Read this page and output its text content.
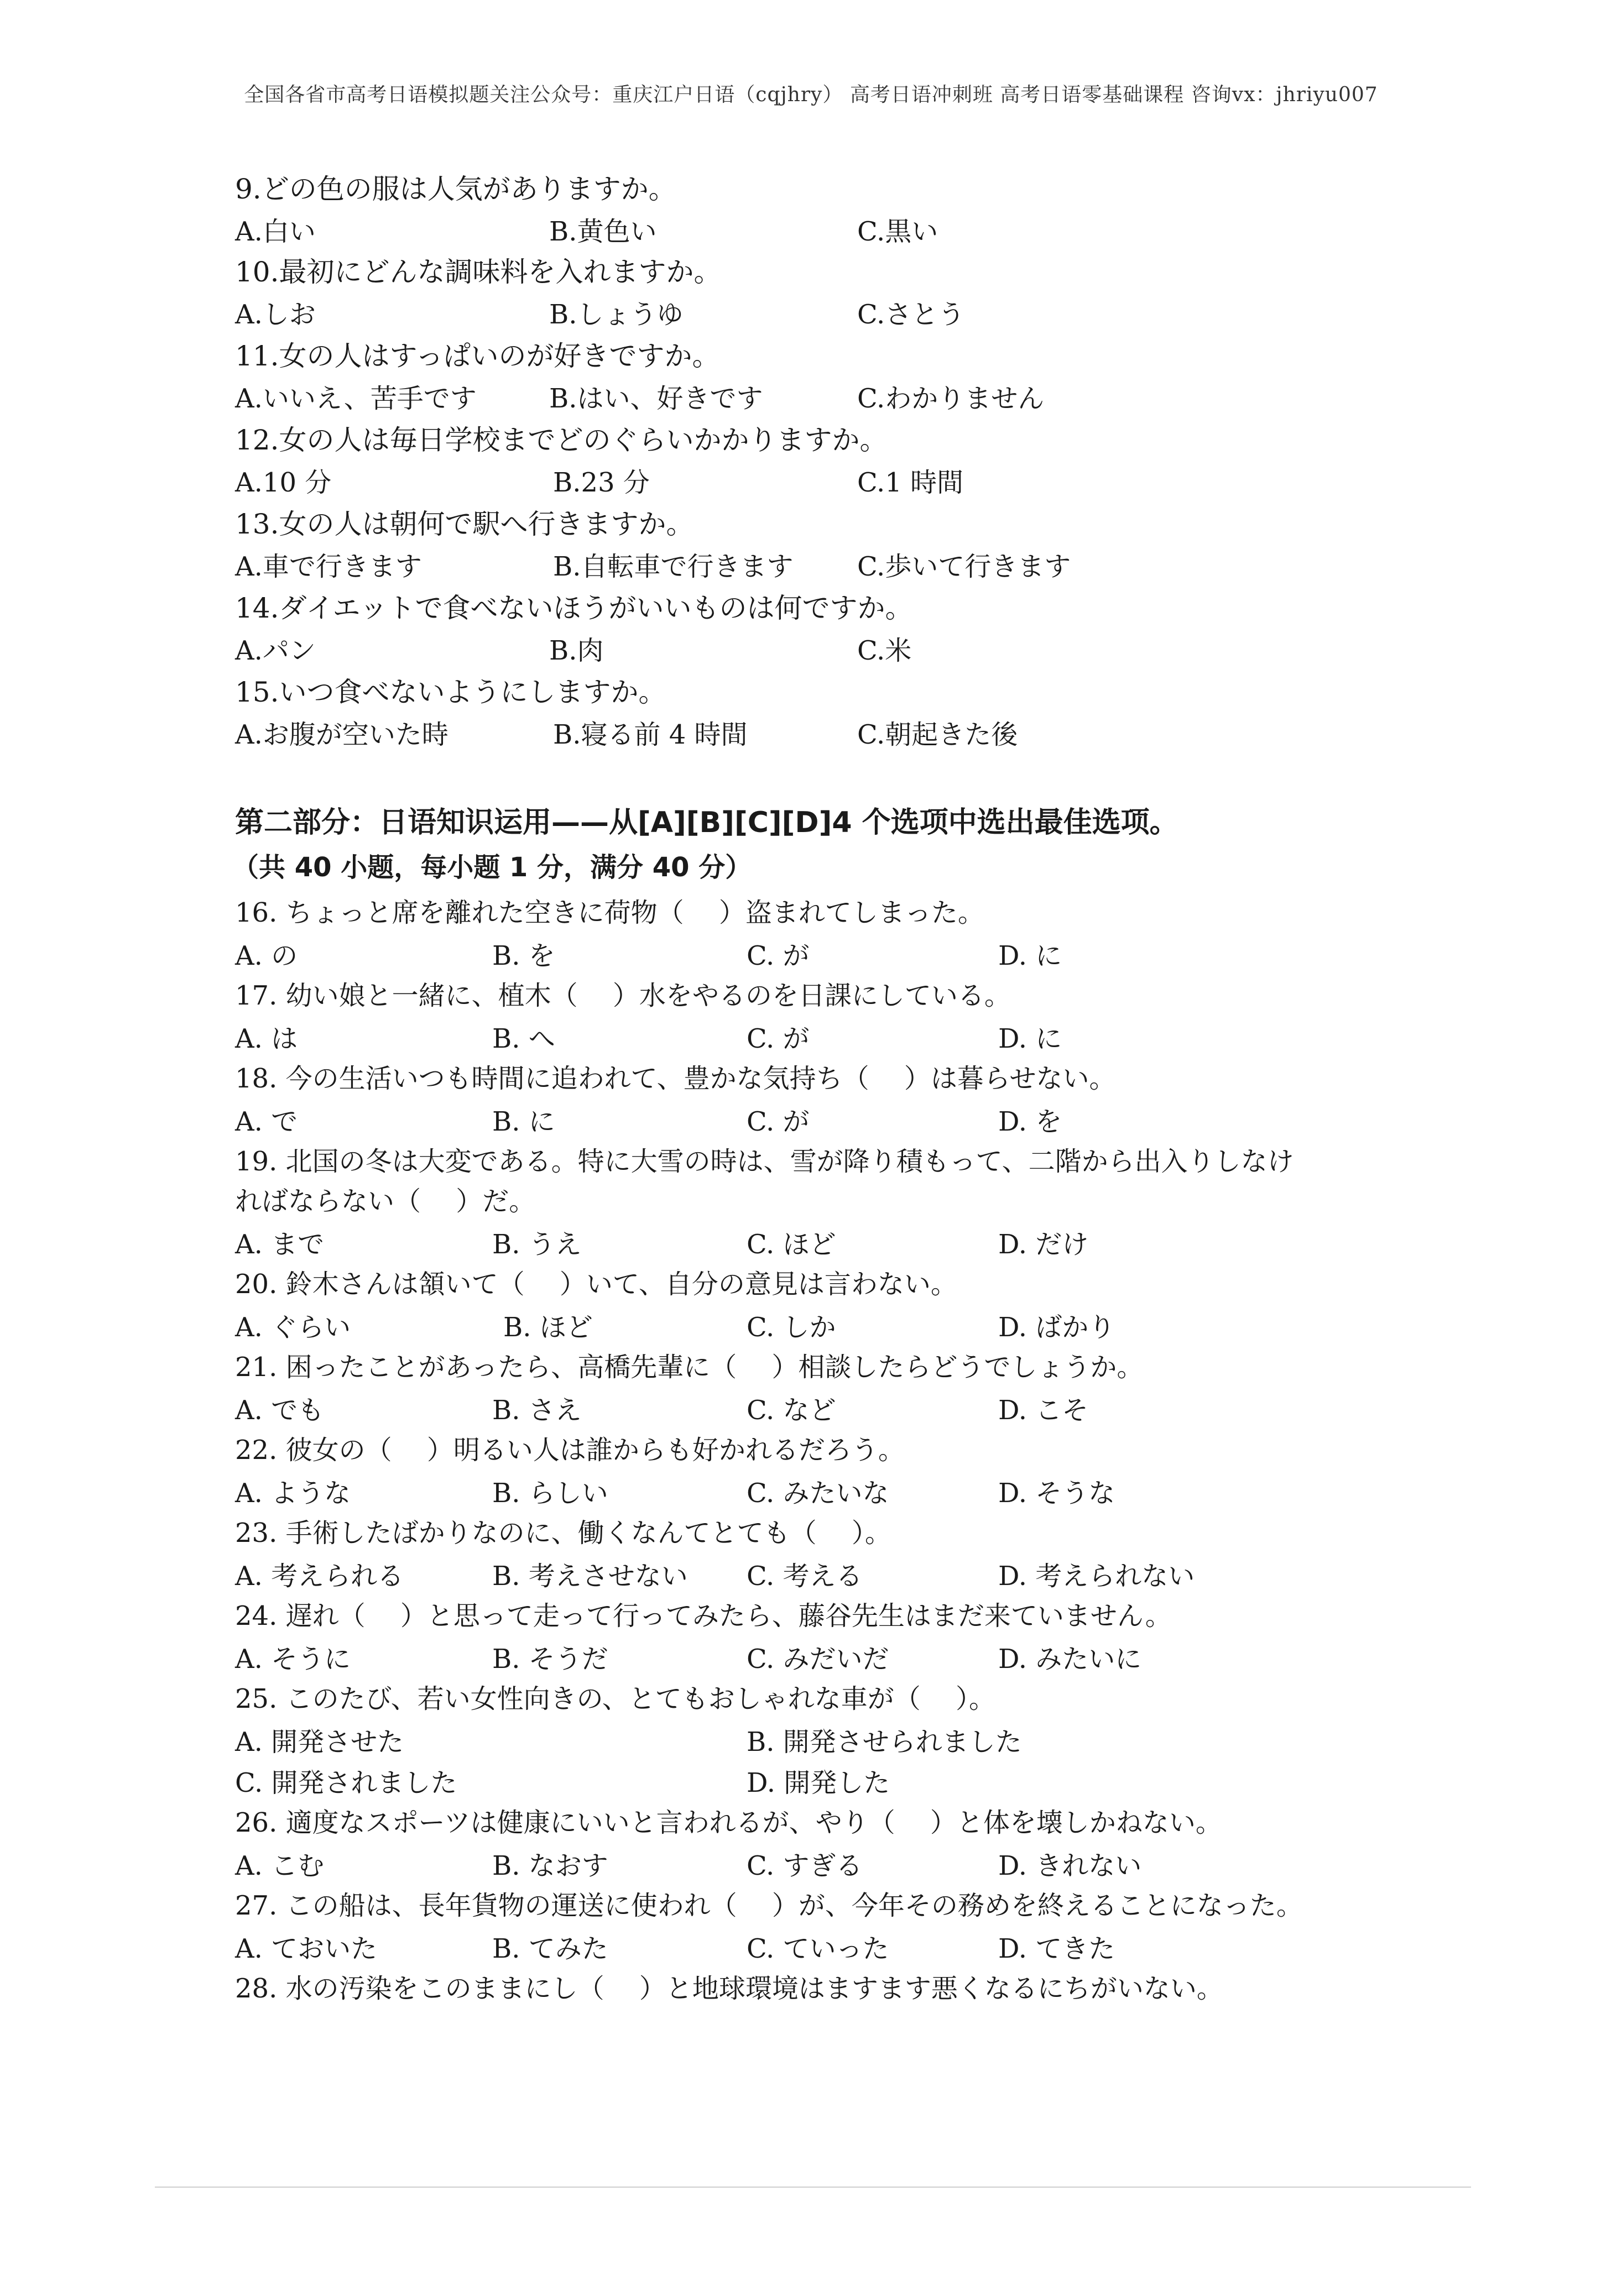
全国各省市高考日语模拟题关注公众号：重庆江户日语（cqjhry） 高考日语冲刺班 高考日语零基础课程 咨询vx：jhriyu007
9.どの色の服は人気がありますか。
A.白い	B.黄色い	C.黒い
10.最初にどんな調味料を入れますか。
A.しお	B.しょうゆ	C.さとう
11.女の人はすっぱいのが好きですか。
A.いいえ、苦手です	B.はい、好きです	C.わかりません
12.女の人は毎日学校までどのぐらいかかりますか。
A.10 分	B.23 分	C.1 時間
13.女の人は朝何で駅へ行きますか。
A.車で行きます	B.自転車で行きます C.歩いて行きます
14.ダイエットで食べないほうがいいものは何ですか。
A.パン	B.肉	C.米
15.いつ食べないようにしますか。
A.お腹が空いた時	B.寝る前 4 時間	C.朝起きた後
第二部分：日语知识运用——从[A][B][C][D]4 个选项中选出最佳选项。
（共 40 小题，每小题 1 分，满分 40 分）
16. ちょっと席を離れた空きに荷物（　 ）盗まれてしまった。
A. の	B. を	C. が	D. に
17. 幼い娘と一緒に、植木（　 ）水をやるのを日課にしている。
A. は	B. へ	C. が	D. に
18. 今の生活いつも時間に追われて、豊かな気持ち（　 ）は暮らせない。
A. で	B. に	C. が	D. を
19. 北国の冬は大変である。特に大雪の時は、雪が降り積もって、二階から出入りしなけ
ればならない（　 ）だ。
A. まで	B. うえ	C. ほど	D. だけ
20. 鈴木さんは頷いて（　 ）いて、自分の意見は言わない。
A. ぐらい	B. ほど	C. しか	D. ばかり
21. 困ったことがあったら、高橋先輩に（　 ）相談したらどうでしょうか。
A. でも	B. さえ	C. など	D. こそ
22. 彼女の（　 ）明るい人は誰からも好かれるだろう。
A. ような	B. らしい	C. みたいな	D. そうな
23. 手術したばかりなのに、働くなんてとても（　 ）。
A. 考えられる	B. 考えさせない C. 考える	D. 考えられない
24. 遅れ（　 ）と思って走って行ってみたら、藤谷先生はまだ来ていません。
A. そうに	B. そうだ	C. みだいだ	D. みたいに
25. このたび、若い女性向きの、とてもおしゃれな車が（　 ）。
A. 開発させた	B. 開発させられました
C. 開発されました	D. 開発した
26. 適度なスポーツは健康にいいと言われるが、やり（　 ）と体を壊しかねない。
A. こむ	B. なおす	C. すぎる	D. きれない
27. この船は、長年貨物の運送に使われ（　 ）が、今年その務めを終えることになった。
A. ておいた	B. てみた	C. ていった	D. てきた
28. 水の汚染をこのままにし（　 ）と地球環境はますます悪くなるにちがいない。
